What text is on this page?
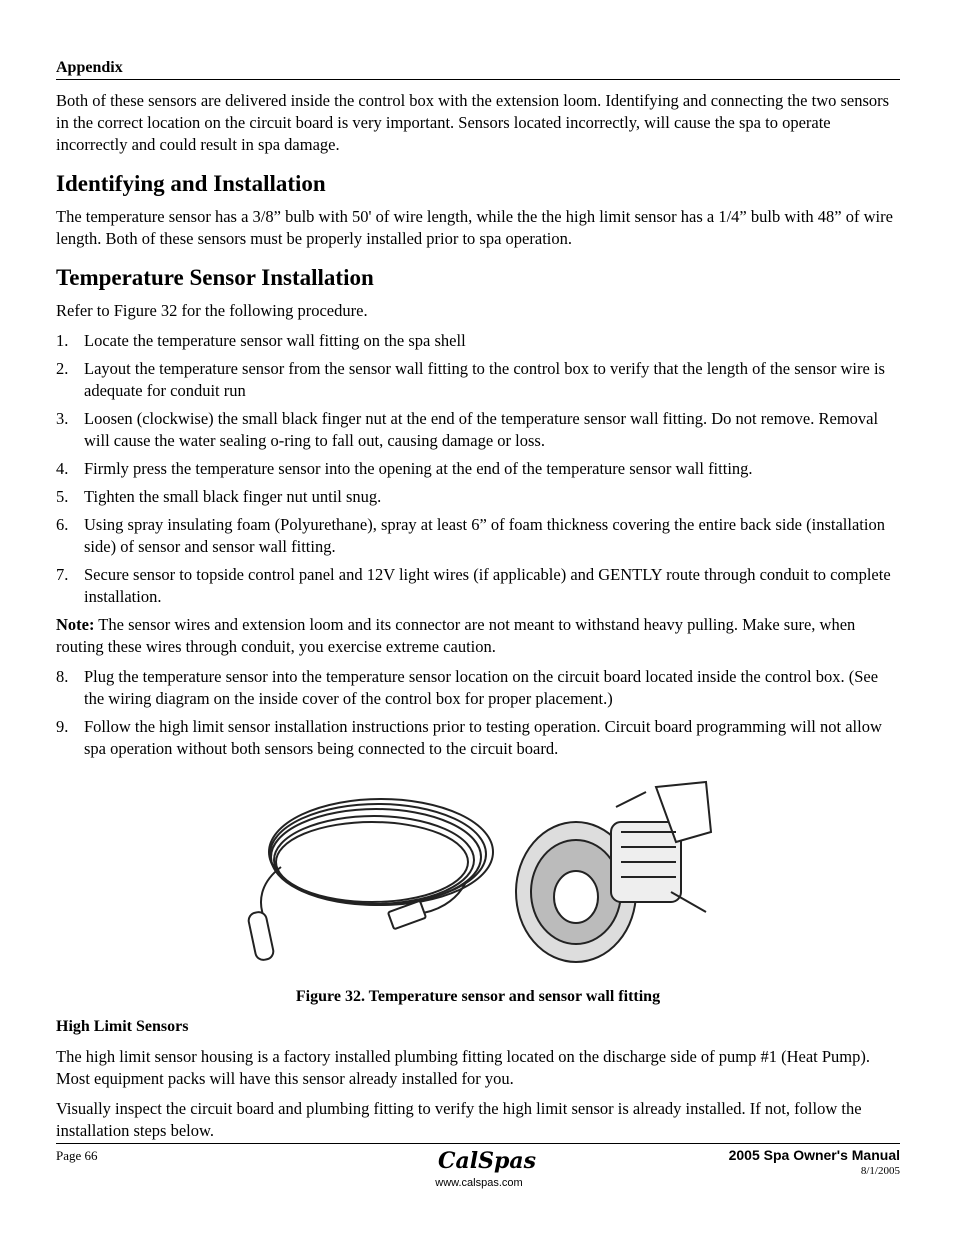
Appendix

Both of these sensors are delivered inside the control box with the extension loom. Identifying and connecting the two sensors in the correct location on the circuit board is very important. Sensors located incorrectly, will cause the spa to operate incorrectly and could result in spa damage.

Identifying and Installation

The temperature sensor has a 3/8” bulb with 50' of wire length, while the the high limit sensor has a 1/4” bulb with 48” of wire length. Both of these sensors must be properly installed prior to spa operation.

Temperature Sensor Installation

Refer to Figure 32 for the following procedure.

1. Locate the temperature sensor wall fitting on the spa shell
2. Layout the temperature sensor from the sensor wall fitting to the control box to verify that the length of the sensor wire is adequate for conduit run
3. Loosen (clockwise) the small black finger nut at the end of the temperature sensor wall fitting. Do not remove. Removal will cause the water sealing o-ring to fall out, causing damage or loss.
4. Firmly press the temperature sensor into the opening at the end of the temperature sensor wall fitting.
5. Tighten the small black finger nut until snug.
6. Using spray insulating foam (Polyurethane), spray at least 6” of foam thickness covering the entire back side (installation side) of sensor and sensor wall fitting.
7. Secure sensor to topside control panel and 12V light wires (if applicable) and GENTLY route through conduit to complete installation.

Note: The sensor wires and extension loom and its connector are not meant to withstand heavy pulling. Make sure, when routing these wires through conduit, you exercise extreme caution.

8. Plug the temperature sensor into the temperature sensor location on the circuit board located inside the control box. (See the wiring diagram on the inside cover of the control box for proper placement.)
9. Follow the high limit sensor installation instructions prior to testing operation. Circuit board programming will not allow spa operation without both sensors being connected to the circuit board.

Figure 32. Temperature sensor and sensor wall fitting

High Limit Sensors

The high limit sensor housing is a factory installed plumbing fitting located on the discharge side of pump #1 (Heat Pump). Most equipment packs will have this sensor already installed for you.

Visually inspect the circuit board and plumbing fitting to verify the high limit sensor is already installed. If not, follow the installation steps below.

Page 66	CalSpas
www.calspas.com
2005 Spa Owner's Manual
8/1/2005
